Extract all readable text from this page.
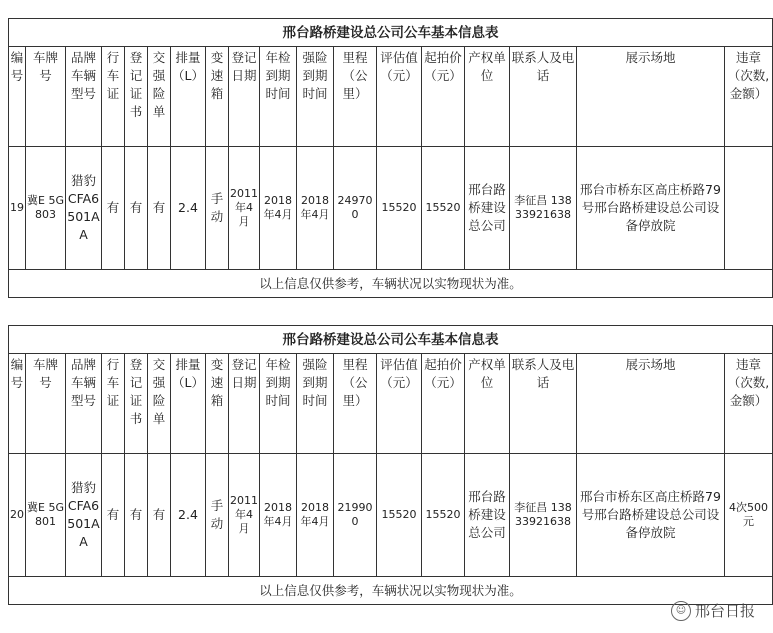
邢台路桥建设总公司公车基本信息表																	
编号	车牌号	品牌车辆型号	行车证	登记证书	交强险单	排量（L）	变速箱	登记日期	年检到期时间	强险到期时间	里程（公里）	评估值（元）	起拍价（元）	产权单位	联系人及电话	展示场地	违章（次数,金额）
19	冀E 5G803	猎豹 CFA6501AA	有	有	有	2.4	手动	2011年4月	2018年4月	2018年4月	249700	15520	15520	邢台路桥建设总公司	李征昌 13833921638	邢台市桥东区高庄桥路79号邢台路桥建设总公司设备停放院	
以上信息仅供参考，车辆状况以实物现状为准。																	
邢台路桥建设总公司公车基本信息表																	
编号	车牌号	品牌车辆型号	行车证	登记证书	交强险单	排量（L）	变速箱	登记日期	年检到期时间	强险到期时间	里程（公里）	评估值（元）	起拍价（元）	产权单位	联系人及电话	展示场地	违章（次数,金额）
20	冀E 5G801	猎豹 CFA6501AA	有	有	有	2.4	手动	2011年4月	2018年4月	2018年4月	219900	15520	15520	邢台路桥建设总公司	李征昌 13833921638	邢台市桥东区高庄桥路79号邢台路桥建设总公司设备停放院	4次500元
以上信息仅供参考，车辆状况以实物现状为准。																	
☺ 邢台日报
